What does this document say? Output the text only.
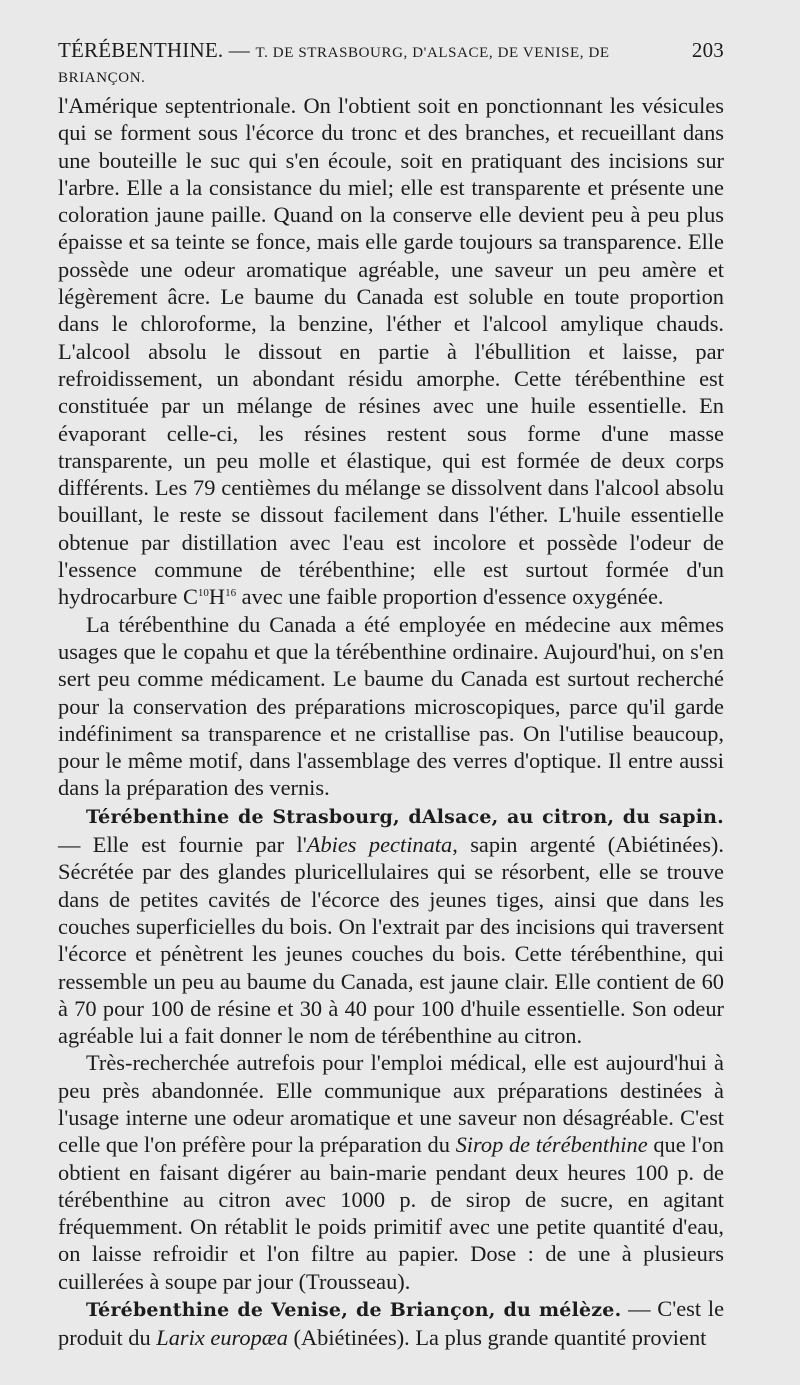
TÉRÉBENTHINE. — T. DE STRASBOURG, D'ALSACE, DE VENISE, DE BRIANÇON.
203

l'Amérique septentrionale. On l'obtient soit en ponctionnant les vésicules qui se forment sous l'écorce du tronc et des branches, et recueillant dans une bouteille le suc qui s'en écoule, soit en pratiquant des incisions sur l'arbre. Elle a la consistance du miel; elle est transparente et présente une coloration jaune paille. Quand on la conserve elle devient peu à peu plus épaisse et sa teinte se fonce, mais elle garde toujours sa transparence. Elle possède une odeur aromatique agréable, une saveur un peu amère et légèrement âcre. Le baume du Canada est soluble en toute proportion dans le chloroforme, la benzine, l'éther et l'alcool amylique chauds. L'alcool absolu le dissout en partie à l'ébullition et laisse, par refroidissement, un abondant résidu amorphe. Cette térébenthine est constituée par un mélange de résines avec une huile essentielle. En évaporant celle-ci, les résines restent sous forme d'une masse transparente, un peu molle et élastique, qui est formée de deux corps différents. Les 79 centièmes du mélange se dissolvent dans l'alcool absolu bouillant, le reste se dissout facilement dans l'éther. L'huile essentielle obtenue par distillation avec l'eau est incolore et possède l'odeur de l'essence commune de térébenthine; elle est surtout formée d'un hydrocarbure $C^{10}H^{16}$ avec une faible proportion d'essence oxygénée.

La térébenthine du Canada a été employée en médecine aux mêmes usages que le copahu et que la térébenthine ordinaire. Aujourd'hui, on s'en sert peu comme médicament. Le baume du Canada est surtout recherché pour la conservation des préparations microscopiques, parce qu'il garde indéfiniment sa transparence et ne cristallise pas. On l'utilise beaucoup, pour le même motif, dans l'assemblage des verres d'optique. Il entre aussi dans la préparation des vernis.

Térébenthine de Strasbourg, dAlsace, au citron, du sapin. — Elle est fournie par l'Abies pectinata, sapin argenté (Abiétinées). Sécrétée par des glandes pluricellulaires qui se résorbent, elle se trouve dans de petites cavités de l'écorce des jeunes tiges, ainsi que dans les couches superficielles du bois. On l'extrait par des incisions qui traversent l'écorce et pénètrent les jeunes couches du bois. Cette térébenthine, qui ressemble un peu au baume du Canada, est jaune clair. Elle contient de 60 à 70 pour 100 de résine et 30 à 40 pour 100 d'huile essentielle. Son odeur agréable lui a fait donner le nom de térébenthine au citron.

Très-recherchée autrefois pour l'emploi médical, elle est aujourd'hui à peu près abandonnée. Elle communique aux préparations destinées à l'usage interne une odeur aromatique et une saveur non désagréable. C'est celle que l'on préfère pour la préparation du Sirop de térébenthine que l'on obtient en faisant digérer au bain-marie pendant deux heures 100 p. de térébenthine au citron avec 1000 p. de sirop de sucre, en agitant fréquemment. On rétablit le poids primitif avec une petite quantité d'eau, on laisse refroidir et l'on filtre au papier. Dose : de une à plusieurs cuillerées à soupe par jour (Trousseau).

Térébenthine de Venise, de Briançon, du mélèze. — C'est le produit du Larix europæa (Abiétinées). La plus grande quantité provient
